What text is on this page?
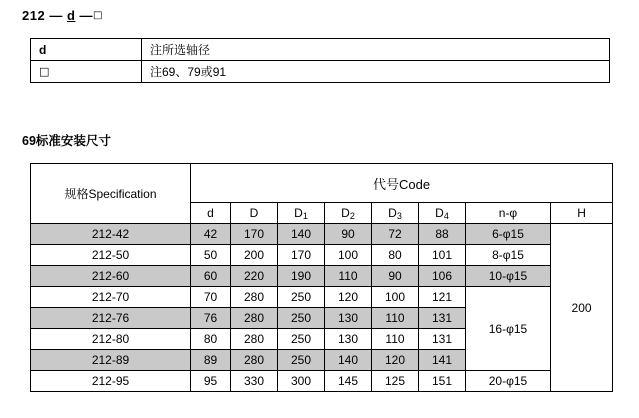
212 — d —□
d	注所选轴径
□	注69、79或91
69标准安装尺寸
规格Specification	代号Code							
	d	D	$D_1$	$D_2$	$D_3$	$D_4$	n-φ	H
212-42	42	170	140	90	72	88	6-φ15	200
212-50	50	200	170	100	80	101	8-φ15	
212-60	60	220	190	110	90	106	10-φ15	
212-70	70	280	250	120	100	121	16-φ15	
212-76	76	280	250	130	110	131		
212-80	80	280	250	130	110	131		
212-89	89	280	250	140	120	141		
212-95	95	330	300	145	125	151	20-φ15	
